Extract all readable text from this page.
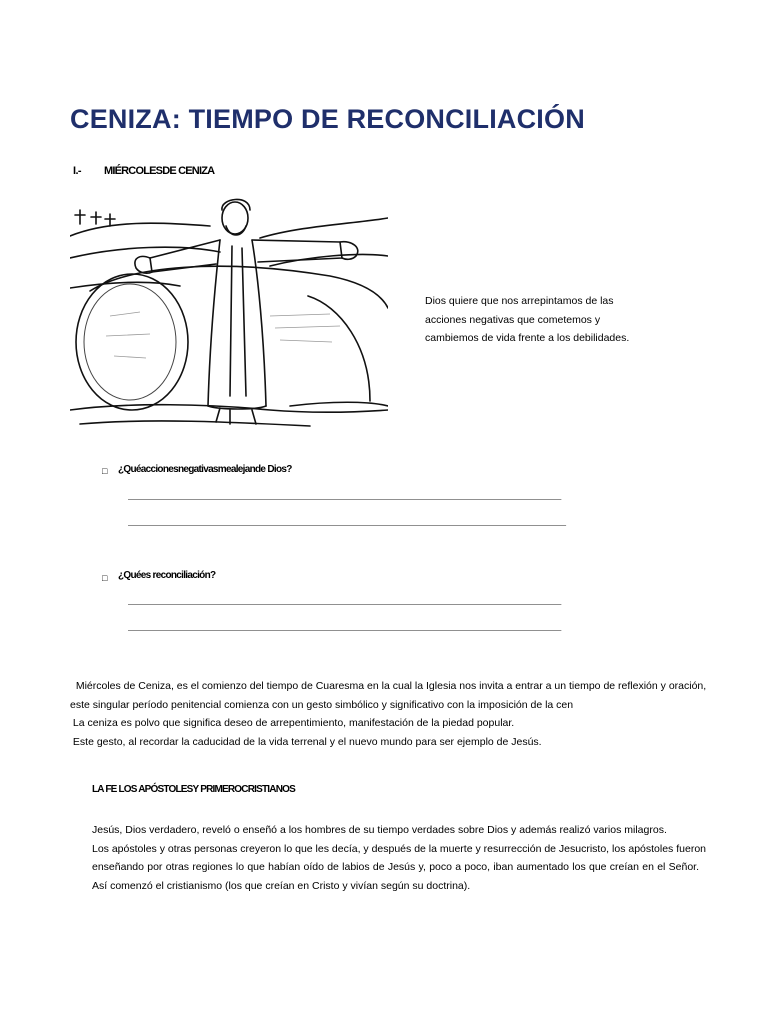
CENIZA: TIEMPO DE RECONCILIACIÓN
I.- MIÉRCOLESDE CENIZA
Dios quiere que nos arrepintamos de las
acciones negativas que cometemos y
cambiemos de vida frente a los debilidades.
□ ¿Quéaccionesnegativasmealejande Dios?
_____________________________________________________________________________________________
______________________________________________________________________________________________
□ ¿Quées reconciliación?
_____________________________________________________________________________________________
_____________________________________________________________________________________________
Miércoles de Ceniza, es el comienzo del tiempo de Cuaresma en la cual la Iglesia nos invita a entrar a un tiempo de reflexión y oración,
este singular período penitencial comienza con un gesto simbólico y significativo con la imposición de la cen
La ceniza es polvo que significa deseo de arrepentimiento, manifestación de la piedad popular.
Este gesto, al recordar la caducidad de la vida terrenal y el nuevo mundo para ser ejemplo de Jesús.
LA FE LOS APÓSTOLESY PRIMEROCRISTIANOS
Jesús, Dios verdadero, reveló o enseñó a los hombres de su tiempo verdades sobre Dios y además realizó varios milagros.
Los apóstoles y otras personas creyeron lo que les decía, y después de la muerte y resurrección de Jesucristo, los apóstoles fueron
enseñando por otras regiones lo que habían oído de labios de Jesús y, poco a poco, iban aumentado los que creían en el Señor.
Así comenzó el cristianismo (los que creían en Cristo y vivían según su doctrina).
